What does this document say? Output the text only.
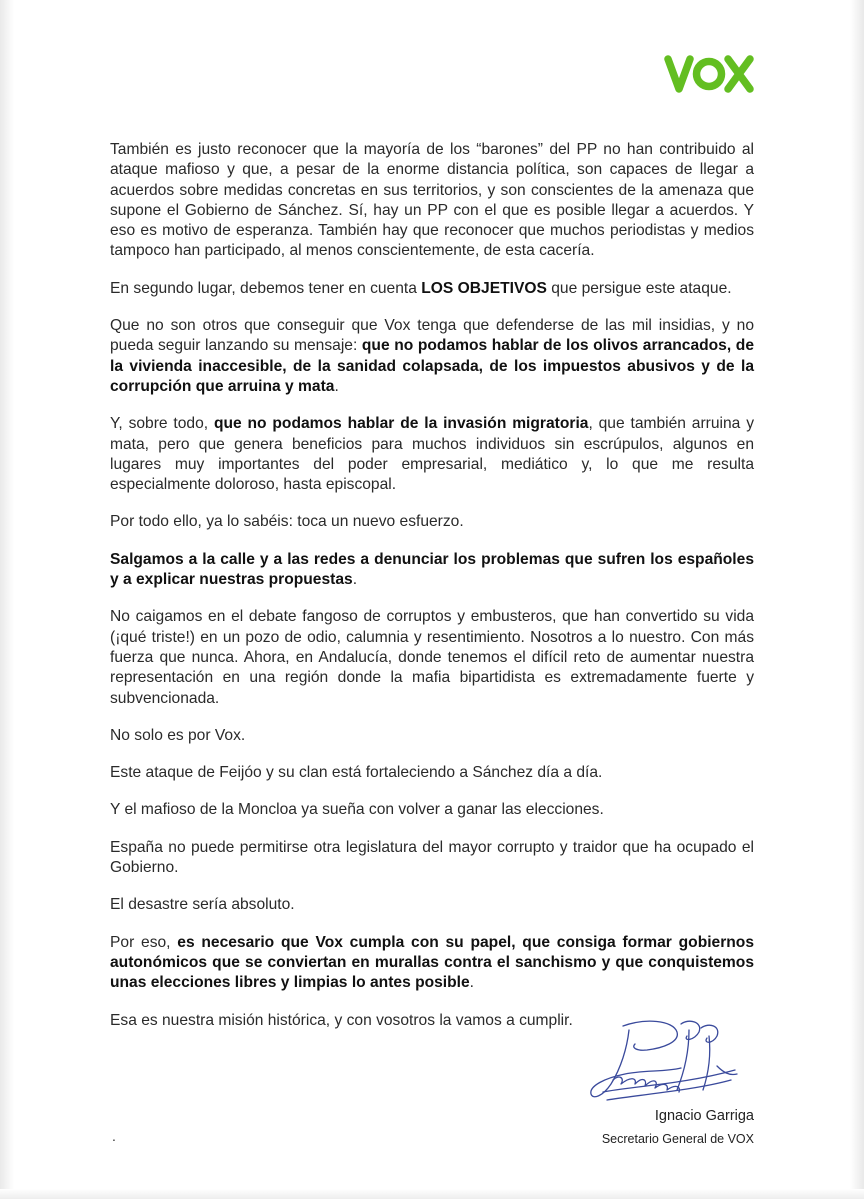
También es justo reconocer que la mayoría de los “barones” del PP no han contribuido al ataque mafioso y que, a pesar de la enorme distancia política, son capaces de llegar a acuerdos sobre medidas concretas en sus territorios, y son conscientes de la amenaza que supone el Gobierno de Sánchez. Sí, hay un PP con el que es posible llegar a acuerdos. Y eso es motivo de esperanza. También hay que reconocer que muchos periodistas y medios tampoco han participado, al menos conscientemente, de esta cacería.

En segundo lugar, debemos tener en cuenta LOS OBJETIVOS que persigue este ataque.

Que no son otros que conseguir que Vox tenga que defenderse de las mil insidias, y no pueda seguir lanzando su mensaje: que no podamos hablar de los olivos arrancados, de la vivienda inaccesible, de la sanidad colapsada, de los impuestos abusivos y de la corrupción que arruina y mata.

Y, sobre todo, que no podamos hablar de la invasión migratoria, que también arruina y mata, pero que genera beneficios para muchos individuos sin escrúpulos, algunos en lugares muy importantes del poder empresarial, mediático y, lo que me resulta especialmente doloroso, hasta episcopal.

Por todo ello, ya lo sabéis: toca un nuevo esfuerzo.

Salgamos a la calle y a las redes a denunciar los problemas que sufren los españoles y a explicar nuestras propuestas.

No caigamos en el debate fangoso de corruptos y embusteros, que han convertido su vida (¡qué triste!) en un pozo de odio, calumnia y resentimiento. Nosotros a lo nuestro. Con más fuerza que nunca. Ahora, en Andalucía, donde tenemos el difícil reto de aumentar nuestra representación en una región donde la mafia bipartidista es extremadamente fuerte y subvencionada.

No solo es por Vox.

Este ataque de Feijóo y su clan está fortaleciendo a Sánchez día a día.

Y el mafioso de la Moncloa ya sueña con volver a ganar las elecciones.

España no puede permitirse otra legislatura del mayor corrupto y traidor que ha ocupado el Gobierno.

El desastre sería absoluto.

Por eso, es necesario que Vox cumpla con su papel, que consiga formar gobiernos autonómicos que se conviertan en murallas contra el sanchismo y que conquistemos unas elecciones libres y limpias lo antes posible.

Esa es nuestra misión histórica, y con vosotros la vamos a cumplir.

Ignacio Garriga
Secretario General de VOX
.
